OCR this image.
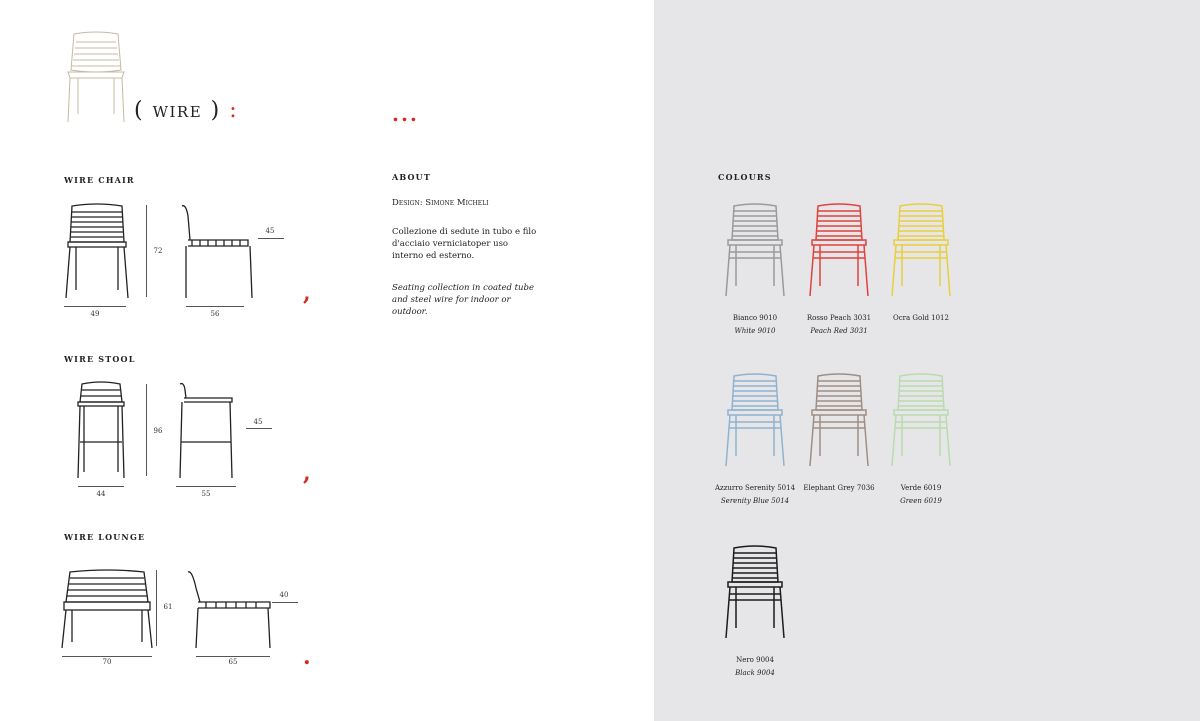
( wire ) :	...
WIRE CHAIR
49
72
56
45
,
WIRE STOOL
44
96
55
45
,
WIRE LOUNGE
70
61
65
40
.
ABOUT
Design: Simone Micheli
Collezione di sedute in tubo e filo d'acciaio verniciatoper uso interno ed esterno.
Seating collection in coated tube and steel wire for indoor or outdoor.
COLOURS
Bianco 9010
White 9010
Rosso Peach 3031
Peach Red 3031
Ocra Gold 1012
Azzurro Serenity 5014
Serenity Blue 5014
Elephant Grey 7036	Verde 6019
Green 6019
Nero 9004
Black 9004
